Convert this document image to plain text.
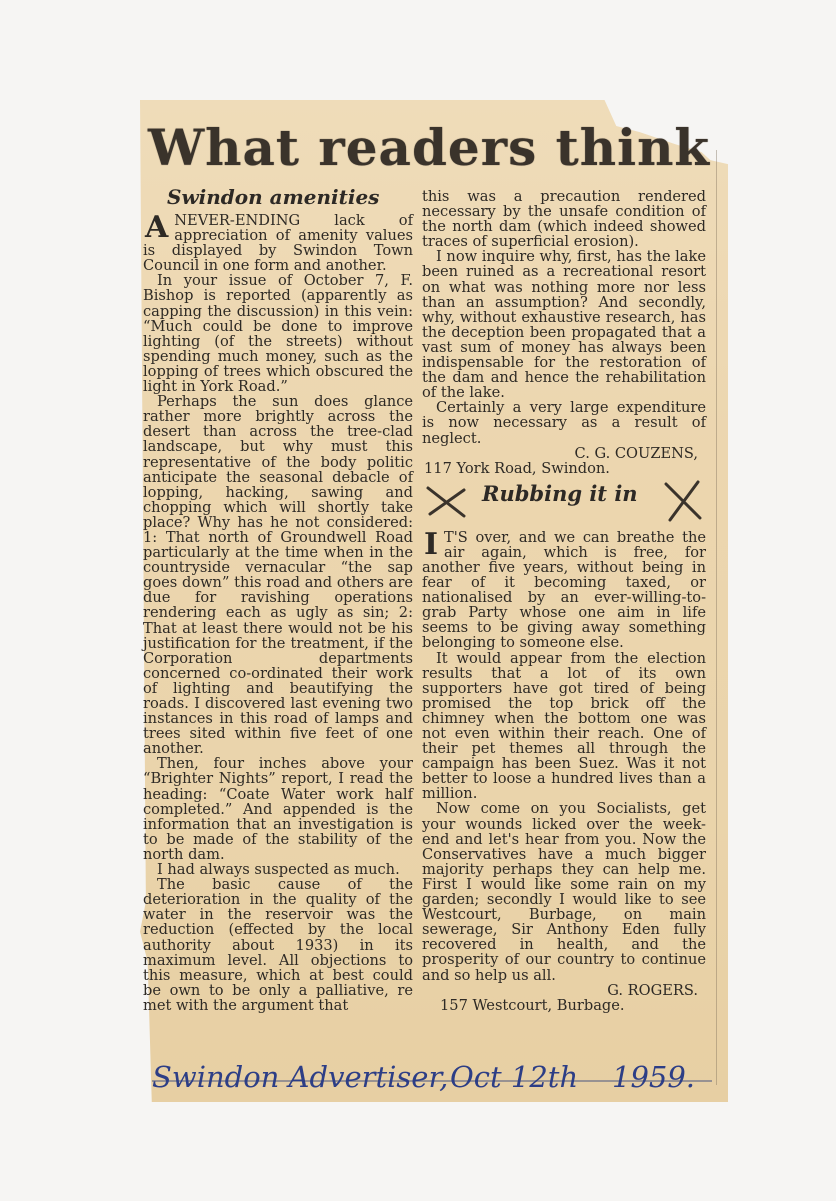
What readers think
Swindon amenities

ANEVER-ENDING lack of appreciation of amenity values is displayed by Swindon Town Council in one form and another.

In your issue of October 7, F. Bishop is reported (apparently as capping the discussion) in this vein: “Much could be done to improve lighting (of the streets) without spending much money, such as the lopping of trees which obscured the light in York Road.”

Perhaps the sun does glance rather more brightly across the desert than across the tree-clad landscape, but why must this representative of the body politic anticipate the seasonal debacle of lopping, hacking, sawing and chopping which will shortly take place? Why has he not considered: 1: That north of Groundwell Road particularly at the time when in the countryside vernacular “the sap goes down” this road and others are due for ravishing operations rendering each as ugly as sin; 2: That at least there would not be his justification for the treatment, if the Corporation departments concerned co-ordinated their work of lighting and beautifying the roads. I discovered last evening two instances in this road of lamps and trees sited within five feet of one another.

Then, four inches above your “Brighter Nights” report, I read the heading: “Coate Water work half completed.” And appended is the information that an investigation is to be made of the stability of the north dam.

I had always suspected as much.

The basic cause of the deterioration in the quality of the water in the reservoir was the reduction (effected by the local authority about 1933) in its maximum level. All objections to this measure, which at best could be own to be only a palliative, re met with the argument that

this was a precaution rendered necessary by the unsafe condition of the north dam (which indeed showed traces of superficial erosion).

I now inquire why, first, has the lake been ruined as a recreational resort on what was nothing more nor less than an assumption? And secondly, why, without exhaustive research, has the deception been propagated that a vast sum of money has always been indispensable for the restoration of the dam and hence the rehabilitation of the lake.

Certainly a very large expenditure is now necessary as a result of neglect.

C. G. COUZENS,

117 York Road, Swindon.

Rubbing it in

I T'S over, and we can breathe the air again, which is free, for another five years, without being in fear of it becoming taxed, or nationalised by an ever-willing-to-grab Party whose one aim in life seems to be giving away something belonging to someone else.

It would appear from the election results that a lot of its own supporters have got tired of being promised the top brick off the chimney when the bottom one was not even within their reach. One of their pet themes all through the campaign has been Suez. Was it not better to loose a hundred lives than a million.

Now come on you Socialists, get your wounds licked over the week-end and let's hear from you. Now the Conservatives have a much bigger majority perhaps they can help me. First I would like some rain on my garden; secondly I would like to see Westcourt, Burbage, on main sewerage, Sir Anthony Eden fully recovered in health, and the prosperity of our country to continue and so help us all.

G. ROGERS.

157 Westcourt, Burbage.

Swindon Advertiser, Oct 12th 1959.
